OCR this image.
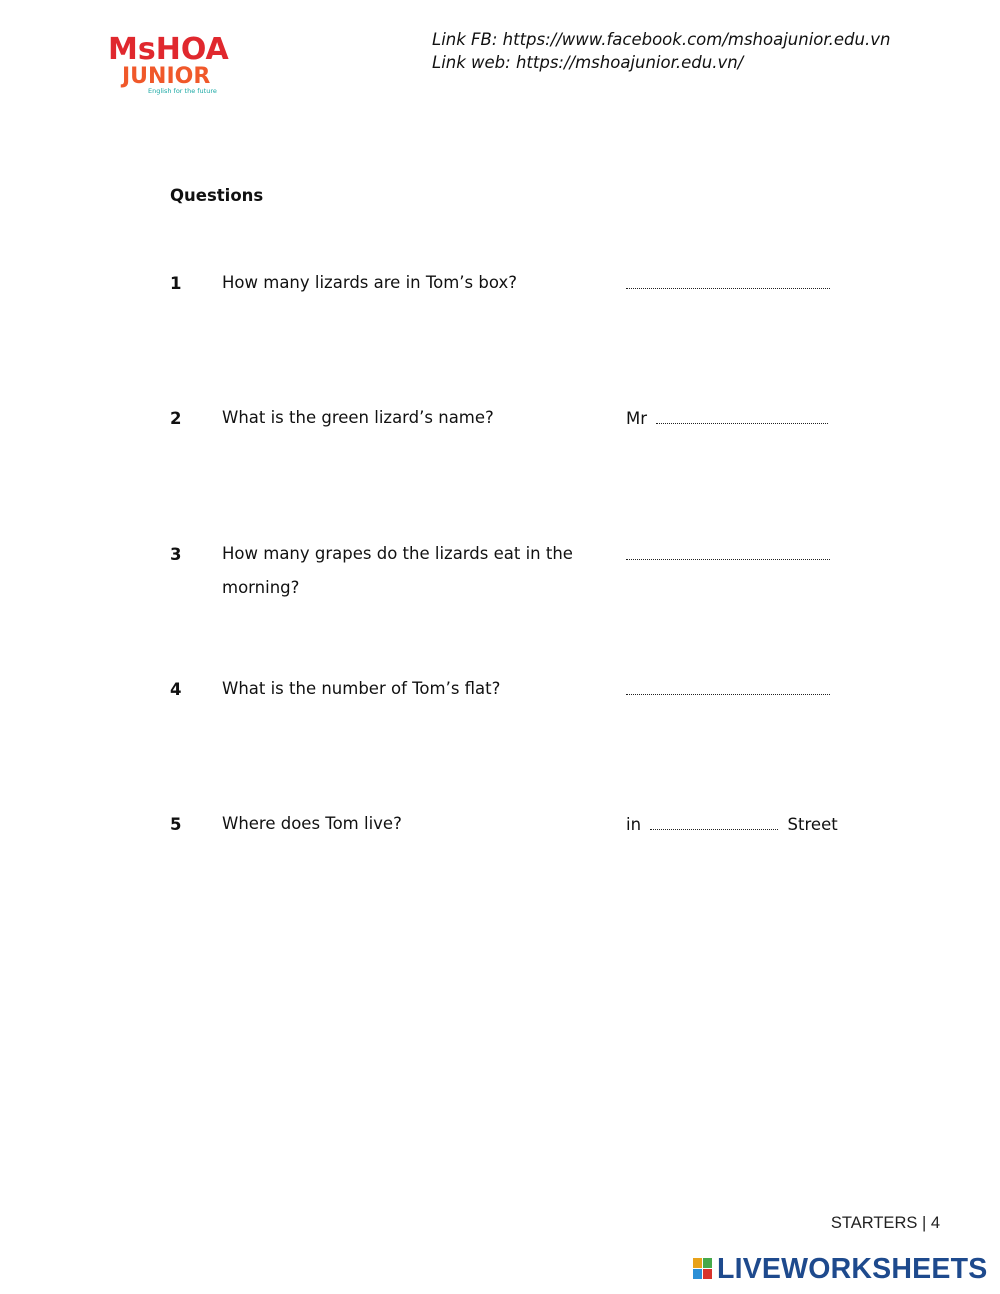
MsHOA
JUNIOR
English for the future
Link FB: https://www.facebook.com/mshoajunior.edu.vn
Link web: https://mshoajunior.edu.vn/
Questions
1 How many lizards are in Tom’s box?
2 What is the green lizard’s name?	Mr
3 How many grapes do the lizards eat in the morning?
4 What is the number of Tom’s flat?
5 Where does Tom live?	in	Street
STARTERS | 4
LIVEWORKSHEETS
